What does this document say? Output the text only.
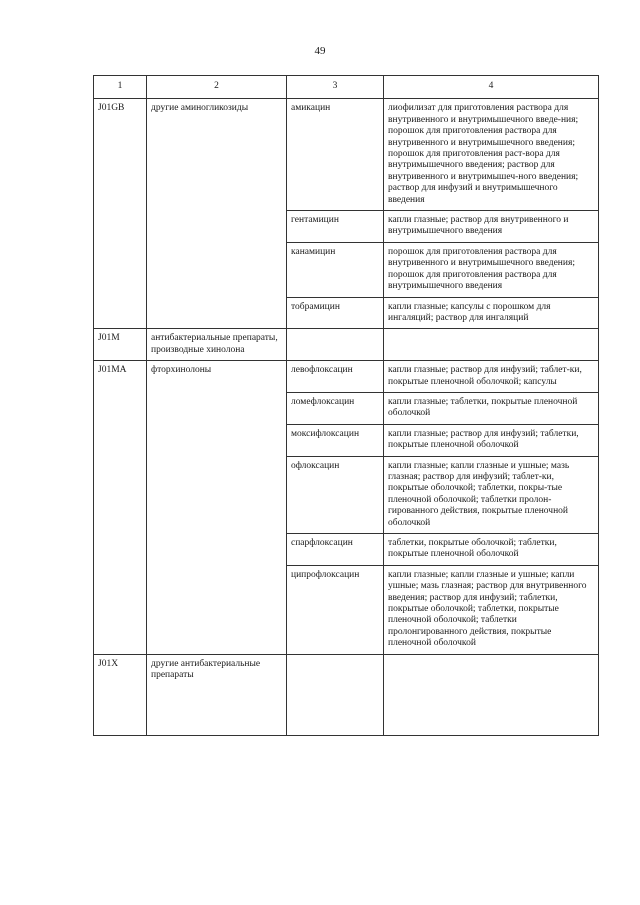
49
1	2	3	4
J01GB	другие аминогликозиды	амикацин	лиофилизат для приготовления раствора для внутривенного и внутримышечного введе-ния; порошок для приготовления раствора для внутривенного и внутримышечного введения; порошок для приготовления раст-вора для внутримышечного введения; раствор для внутривенного и внутримышеч-ного введения; раствор для инфузий и внутримышечного введения
		гентамицин	капли глазные; раствор для внутривенного и внутримышечного введения
		канамицин	порошок для приготовления раствора для внутривенного и внутримышечного введения; порошок для приготовления раствора для внутримышечного введения
		тобрамицин	капли глазные; капсулы с порошком для ингаляций; раствор для ингаляций
J01M	антибактериальные препараты, производные хинолона		
J01MA	фторхинолоны	левофлоксацин	капли глазные; раствор для инфузий; таблет-ки, покрытые пленочной оболочкой; капсулы
		ломефлоксацин	капли глазные; таблетки, покрытые пленочной оболочкой
		моксифлоксацин	капли глазные; раствор для инфузий; таблетки, покрытые пленочной оболочкой
		офлоксацин	капли глазные; капли глазные и ушные; мазь глазная; раствор для инфузий; таблет-ки, покрытые оболочкой; таблетки, покры-тые пленочной оболочкой; таблетки пролон-гированного действия, покрытые пленочной оболочкой
		спарфлоксацин	таблетки, покрытые оболочкой; таблетки, покрытые пленочной оболочкой
		ципрофлоксацин	капли глазные; капли глазные и ушные; капли ушные; мазь глазная; раствор для внутривенного введения; раствор для инфузий; таблетки, покрытые оболочкой; таблетки, покрытые пленочной оболочкой; таблетки пролонгированного действия, покрытые пленочной оболочкой
J01X	другие антибактериальные препараты		
